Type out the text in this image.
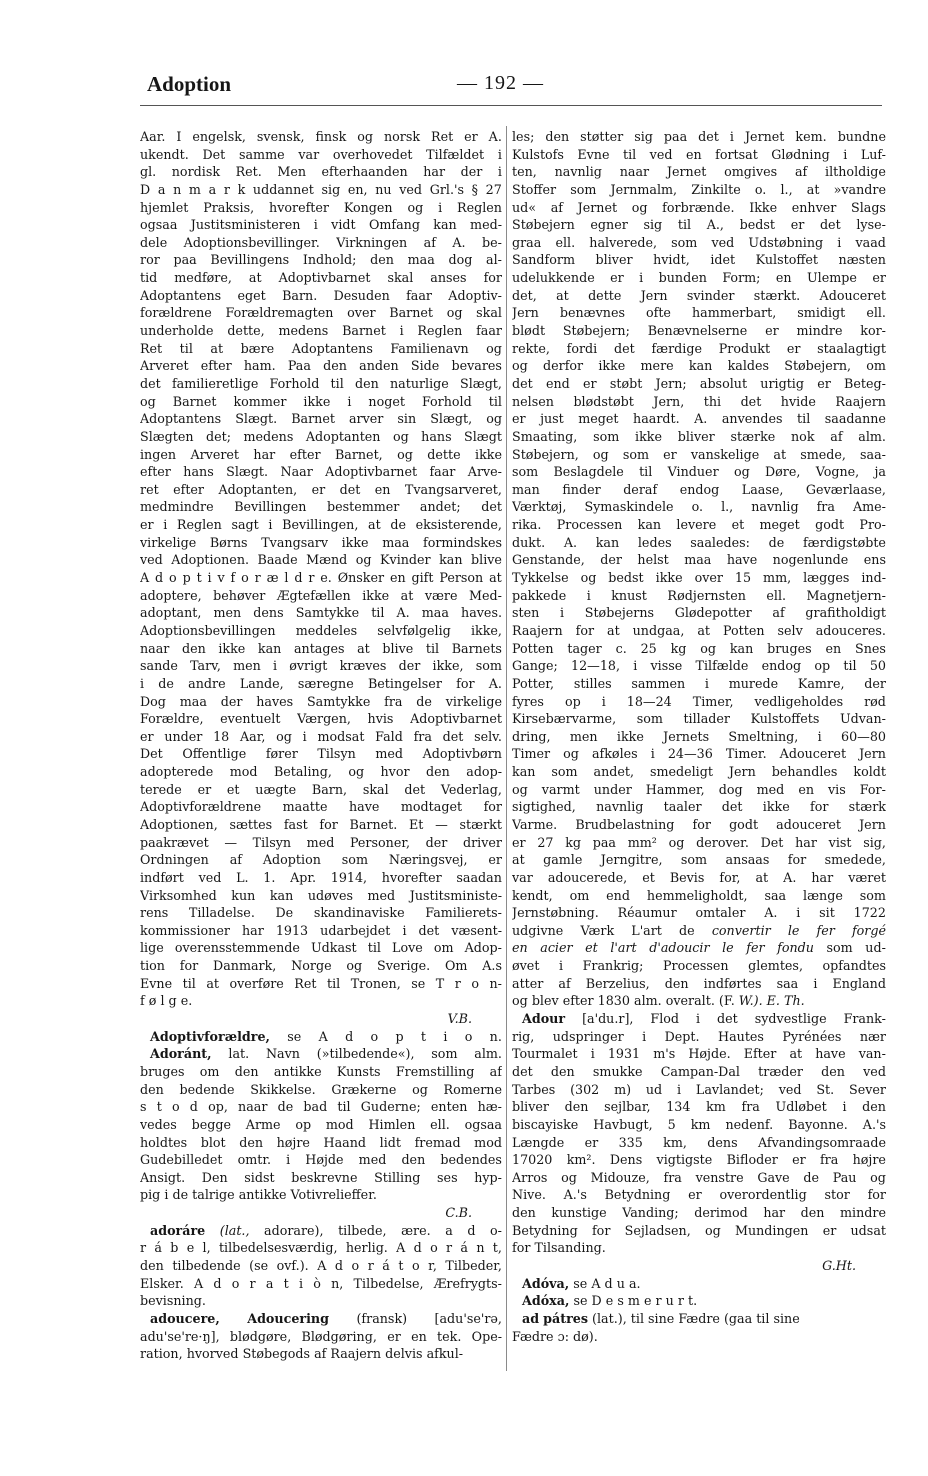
Adoption	— 192 —
Aar. I engelsk, svensk, finsk og norsk Ret er A.
ukendt. Det samme var overhovedet Tilfældet i
gl. nordisk Ret. Men efterhaanden har der i
D a n m a r k uddannet sig en, nu ved Grl.'s § 27
hjemlet Praksis, hvorefter Kongen og i Reglen
ogsaa Justitsministeren i vidt Omfang kan med-
dele Adoptionsbevillinger. Virkningen af A. be-
ror paa Bevillingens Indhold; den maa dog al-
tid medføre, at Adoptivbarnet skal anses for
Adoptantens eget Barn. Desuden faar Adoptiv-
forældrene Forældremagten over Barnet og skal
underholde dette, medens Barnet i Reglen faar
Ret til at bære Adoptantens Familienavn og
Arveret efter ham. Paa den anden Side bevares
det familieretlige Forhold til den naturlige Slægt,
og Barnet kommer ikke i noget Forhold til
Adoptantens Slægt. Barnet arver sin Slægt, og
Slægten det; medens Adoptanten og hans Slægt
ingen Arveret har efter Barnet, og dette ikke
efter hans Slægt. Naar Adoptivbarnet faar Arve-
ret efter Adoptanten, er det en Tvangsarveret,
medmindre Bevillingen bestemmer andet; det
er i Reglen sagt i Bevillingen, at de eksisterende,
virkelige Børns Tvangsarv ikke maa formindskes
ved Adoptionen. Baade Mænd og Kvinder kan blive
A d o p t i v f o r æ l d r e. Ønsker en gift Person at
adoptere, behøver Ægtefællen ikke at være Med-
adoptant, men dens Samtykke til A. maa haves.
Adoptionsbevillingen meddeles selvfølgelig ikke,
naar den ikke kan antages at blive til Barnets
sande Tarv, men i øvrigt kræves der ikke, som
i de andre Lande, særegne Betingelser for A.
Dog maa der haves Samtykke fra de virkelige
Forældre, eventuelt Værgen, hvis Adoptivbarnet
er under 18 Aar, og i modsat Fald fra det selv.
Det Offentlige fører Tilsyn med Adoptivbørn
adopterede mod Betaling, og hvor den adop-
terede er et uægte Barn, skal det Vederlag,
Adoptivforældrene maatte have modtaget for
Adoptionen, sættes fast for Barnet. Et — stærkt
paakrævet — Tilsyn med Personer, der driver
Ordningen af Adoption som Næringsvej, er
indført ved L. 1. Apr. 1914, hvorefter saadan
Virksomhed kun kan udøves med Justitsministe-
rens Tilladelse. De skandinaviske Familierets-
kommissioner har 1913 udarbejdet i det væsent-
lige overensstemmende Udkast til Love om Adop-
tion for Danmark, Norge og Sverige. Om A.s
Evne til at overføre Ret til Tronen, se T r o n-
f
ø
l
g
e.
V. B.
Adoptivforældre, se A d o p t i o n.
Adoránt, lat. Navn (»tilbedende«), som alm.
bruges om den antikke Kunsts Fremstilling af
den bedende Skikkelse. Grækerne og Romerne
s t o d op, naar de bad til Guderne; enten hæ-
vedes begge Arme op mod Himlen ell. ogsaa
holdtes blot den højre Haand lidt fremad mod
Gudebilledet omtr. i Højde med den bedendes
Ansigt. Den sidst beskrevne Stilling ses hyp-
pig
i
de
talrige
antikke
Votivrelieffer.
C. B.
adoráre (lat., adorare), tilbede, ære. a d o-
r á b e l, tilbedelsesværdig, herlig. A d o r á n t,
den tilbedende (se ovf.). A d o r á t o r, Tilbeder,
Elsker. A d o r a t i ò n, Tilbedelse, Ærefrygts-
bevisning.
adoucere, Adoucering (fransk) [adu'se'rə,
adu'se're·ŋ], blødgøre, Blødgøring, er en tek. Ope-
ration,
hvorved
Støbegods
af
Raajern
delvis
afkul-
les; den støtter sig paa det i Jernet kem. bundne
Kulstofs Evne til ved en fortsat Glødning i Luf-
ten, navnlig naar Jernet omgives af iltholdige
Stoffer som Jernmalm, Zinkilte o. l., at »vandre
ud« af Jernet og forbrænde. Ikke enhver Slags
Støbejern egner sig til A., bedst er det lyse-
graa ell. halverede, som ved Udstøbning i vaad
Sandform bliver hvidt, idet Kulstoffet næsten
udelukkende er i bunden Form; en Ulempe er
det, at dette Jern svinder stærkt. Adouceret
Jern benævnes ofte hammerbart, smidigt ell.
blødt Støbejern; Benævnelserne er mindre kor-
rekte, fordi det færdige Produkt er staalagtigt
og derfor ikke mere kan kaldes Støbejern, om
det end er støbt Jern; absolut urigtig er Beteg-
nelsen blødstøbt Jern, thi det hvide Raajern
er just meget haardt. A. anvendes til saadanne
Smaating, som ikke bliver stærke nok af alm.
Støbejern, og som er vanskelige at smede, saa-
som Beslagdele til Vinduer og Døre, Vogne, ja
man finder deraf endog Laase, Geværlaase,
Værktøj, Symaskindele o. l., navnlig fra Ame-
rika. Processen kan levere et meget godt Pro-
dukt. A. kan ledes saaledes: de færdigstøbte
Genstande, der helst maa have nogenlunde ens
Tykkelse og bedst ikke over 15 mm, lægges ind-
pakkede i knust Rødjernsten ell. Magnetjern-
sten i Støbejerns Glødepotter af grafitholdigt
Raajern for at undgaa, at Potten selv adouceres.
Potten tager c. 25 kg og kan bruges en Snes
Gange; 12—18, i visse Tilfælde endog op til 50
Potter, stilles sammen i murede Kamre, der
fyres op i 18—24 Timer, vedligeholdes rød
Kirsebærvarme, som tillader Kulstoffets Udvan-
dring, men ikke Jernets Smeltning, i 60—80
Timer og afkøles i 24—36 Timer. Adouceret Jern
kan som andet, smedeligt Jern behandles koldt
og varmt under Hammer, dog med en vis For-
sigtighed, navnlig taaler det ikke for stærk
Varme. Brudbelastning for godt adouceret Jern
er 27 kg paa mm² og derover. Det har vist sig,
at gamle Jerngitre, som ansaas for smedede,
var adoucerede, et Bevis for, at A. har været
kendt, om end hemmeligholdt, saa længe som
Jernstøbning. Réaumur omtaler A. i sit 1722
udgivne Værk L'art de convertir le fer forgé
en acier et l'art d'adoucir le fer fondu som ud-
øvet i Frankrig; Processen glemtes, opfandtes
atter af Berzelius, den indførtes saa i England
og
blev
efter
1830
alm.
overalt.
(F.
W.).
E.
Th.
Adour [a'du.r], Flod i det sydvestlige Frank-
rig, udspringer i Dept. Hautes Pyrénées nær
Tourmalet i 1931 m's Højde. Efter at have van-
det den smukke Campan-Dal træder den ved
Tarbes (302 m) ud i Lavlandet; ved St. Sever
bliver den sejlbar, 134 km fra Udløbet i den
biscayiske Havbugt, 5 km nedenf. Bayonne. A.'s
Længde er 335 km, dens Afvandingsomraade
17020 km². Dens vigtigste Bifloder er fra højre
Arros og Midouze, fra venstre Gave de Pau og
Nive. A.'s Betydning er overordentlig stor for
den kunstige Vanding; derimod har den mindre
Betydning for Sejladsen, og Mundingen er udsat
for
Tilsanding.
G. Ht.
Adóva,
se
A
d
u
a.
Adóxa,
se
D
e
s
m
e
r
u
r
t.
ad
pátres
(lat.),
til
sine
Fædre
(gaa
til
sine
Fædre
ɔ:
dø).
